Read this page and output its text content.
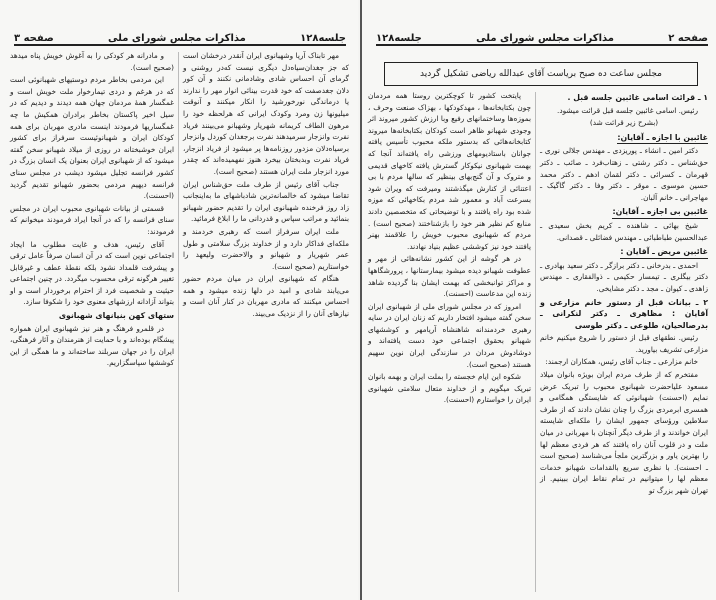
جلسه۱۲۸
مذاکرات مجلس شورای ملی
صفحه ۳

مهر تابناک آریا وشهبانوی ایران آنقدر درخشان است که جز جغدان‌سیاه‌دل دیگری نیست که‌در روشنی و گرمای آن احساس شادی وشادمانی نکنند و آن کور دلان جغدصفت که خود قدرت بینائی انوار مهر را ندارند یا درماندگی نورخورشید را انکار میکنند و آنوقت میلیونها زن ومرد وکودک ایرانی که هرلحظه خود را مرهون الطاف کریمانه شهریار وشهبانو می‌بینند فریاد نفرت وانزجار سرمیدهند نفرت برجغدان کوردل وانزجار برسیاه‌دلان مزدور روزنامه‌ها پر میشود از فریاد انزجار، فریاد نفرت وبدبختان بیخرد هنوز نفهمیده‌اند که چقدر مورد انزجار ملت ایران هستند (صحیح است).

جناب آقای رئیس از طرف ملت حق‌شناس ایران تقاضا میشود که خالصانه‌ترین شادباشهای ما به‌اینجانب زاد روز فرخنده شهبانوی ایران را تقدیم حضور شهبانو بنمائید و مراتب سپاس و قدردانی ما را ابلاغ فرمائید.

ملت ایران سرفراز است که رهبری خردمند و ملکه‌ای فداکار دارد و از خداوند بزرگ سلامتی و طول عمر شهریار و شهبانو و والاحضرت ولیعهد را خواستاریم (صحیح است).

هنگام که شهبانوی ایران در میان مردم حضور می‌یابند شادی و امید در دلها زنده میشود و همه احساس میکنند که مادری مهربان در کنار آنان است و نیازهای آنان را از نزدیک می‌بیند.

و مادرانه هر کودکی را به آغوش خویش پناه میدهد (صحیح است).

این مردمی بخاطر مردم دوستیهای شهبانوئی است که در هرغم و دردی تیمارخوار ملت خویش است و غمگسار همهٔ مردمان جهان همه دیدند و دیدیم که در سیل اخیر پاکستان بخاطر برادران همکیش ما چه غمگساریها فرمودند اینست مادری مهربان برای همه کودکان ایران و شهبانوئیست سرفراز برای کشور ایران خوشبختانه در روزی از میلاد شهبانو سخن گفته میشود که از شهبانوی ایران بعنوان یک انسان بزرگ در کشور فرانسه تجلیل میشود دیشب در مجلس سنای فرانسه دیهیم مردمی بحضور شهبانو تقدیم گردید (احسنت).

قسمتی از بیانات شهبانوی محبوب ایران در مجلس سنای فرانسه را که در آنجا ایراد فرمودند میخوانم که فرمودند:

آقای رئیس، هدف و غایت مطلوب ما ایجاد اجتماعی نوین است که در آن انسان صرفاً عامل ترقی و پیشرفت قلمداد نشود بلکه نقطهٔ عطف و غیرقابل تغییر هرگونه ترقی محسوب میگردد. در چنین اجتماعی حیثیت و شخصیت فرد از احترام برخوردار است و او بتواند آزادانه ارزشهای معنوی خود را شکوفا سازد.

ستهای کهن بنیانهای شهبانوی

در قلمرو فرهنگ و هنر نیز شهبانوی ایران همواره پیشگام بوده‌اند و با حمایت از هنرمندان و آثار فرهنگی، ایران را در جهان سربلند ساخته‌اند و ما همگی از این کوششها سپاسگزاریم.

صفحه ۲
مذاکرات مجلس شورای ملی
جلسه۱۲۸
مجلس ساعت ده صبح بریاست آقای عبدالله ریاضی تشکیل گردید
۱ ـ قرائت اسامی غائبین جلسه قبل .

رئیس. اسامی غائبین جلسه قبل قرائت میشود.

(بشرح زیر قرائت شد)

غائبین با اجازه ـ آقایان:

دکتر امین ـ انشاء ـ پوریزدی ـ مهندس جلالی نوری ـ حق‌شناس ـ دکتر رشتی ـ زهتاب‌فرد ـ صائب ـ دکتر قهرمان ـ کسرائی ـ دکتر لقمان ادهم ـ دکتر محمد حسین موسوی ـ موقر ـ دکتر وفا ـ دکتر گاگیک ـ مهاجرانی ـ خانم آلبان.

غائبین بی اجازه ـ آقایان:

شیخ بهائی ـ شاهنده ـ کریم بخش سعیدی ـ عبدالحسین طباطبائی ـ مهندس فضائلی ـ قصدانی.

غائبین مریض ـ آقایان :

احمدی ـ بدرخانی ـ دکتر برازگر ـ دکتر سعید بهادری ـ دکتر بیگلری ـ تیمسار حکیمی ـ ذوالفقاری ـ مهندس زاهدی ـ کیوان ـ مجد ـ دکتر مشایخی.

۲ ـ بیانات قبل از دستور خانم مزارعی و آقایان : مظاهری ـ دکتر لنکرانی ـ بدرصالحیان، طلوعی ـ دکتر طوسی

رئیس. نطقهای قبل از دستور را شروع میکنیم خانم مزارعی تشریف بیاورید.

خانم مزارعی ـ جناب آقای رئیس، همکاران ارجمند:

مفتخرم که از طرف مردم ایران بویژه بانوان میلاد مسعود علیاحضرت شهبانوی محبوب را تبریک عرض نمایم (احسنت) شهبانوئی که شایستگی همگامی و همسری ابرمردی بزرگ را چنان نشان دادند که از طرف سلاطین ورؤسای جمهور ایشان را ملکه‌ای شایسته ایران خواندند و از طرف دیگر آنچنان با مهربانی در میان ملت و در قلوب آنان راه یافتند که هر فردی معظم لها را بهترین یاور و بزرگترین ملجأ می‌شناسد (صحیح است ـ احسنت). با نظری سریع بالقدامات شهبانو خدمات معظم لها را میتوانیم در تمام نقاط ایران ببینیم. از تهران شهر بزرگ تو

پایتخت کشور تا کوچکترین روستا همه مردمان چون بکتابخانه‌ها ، مهدکودکها ، بهزاک صنعت وحرف ، بموزه‌ها وساختمانهای رفیع وبا ارزش کشور میروند اثر وجودی شهبانو ظاهر است کودکان بکتابخانه‌ها میروند کتابخانه‌هائی که بدستور ملکه محبوب تأسیس یافته جوانان باستادیومهای ورزشی راه یافته‌اند آنجا که بهمت شهبانوی نیکوکار گسترش یافته کاخهای قدیمی و متروک و آن گنج‌بهای بینظیر که سالها مردم با بی اعتنائی از کنارش میگذشتند ومیرفت که ویران شود بسرعت آباد و معمور شد مردم بکاخهائی که موزه شده بود راه یافتند و با توضیحاتی که متخصصین دادند منابع کم نظیر هنر خود را بازشناختند (صحیح است) . مردم که شهبانوی محبوب خویش را علاقمند بهنر یافتند خود نیز کوششی عظیم بنیاد نهادند.

در هر گوشه از این کشور نشانه‌هائی از مهر و عطوفت شهبانو دیده میشود بیمارستانها ، پرورشگاهها و مراکز توانبخشی که بهمت ایشان بنا گردیده شاهد زنده این مدعاست (احسنت).

امروز که در مجلس شورای ملی از شهبانوی ایران سخن گفته میشود افتخار داریم که زنان ایران در سایه رهبری خردمندانه شاهنشاه آریامهر و کوششهای شهبانو بحقوق اجتماعی خود دست یافته‌اند و دوشادوش مردان در سازندگی ایران نوین سهیم هستند (صحیح است).

شکوه این ایام خجسته را بملت ایران و بهمه بانوان تبریک میگویم و از خداوند متعال سلامتی شهبانوی ایران را خواستارم (احسنت).
